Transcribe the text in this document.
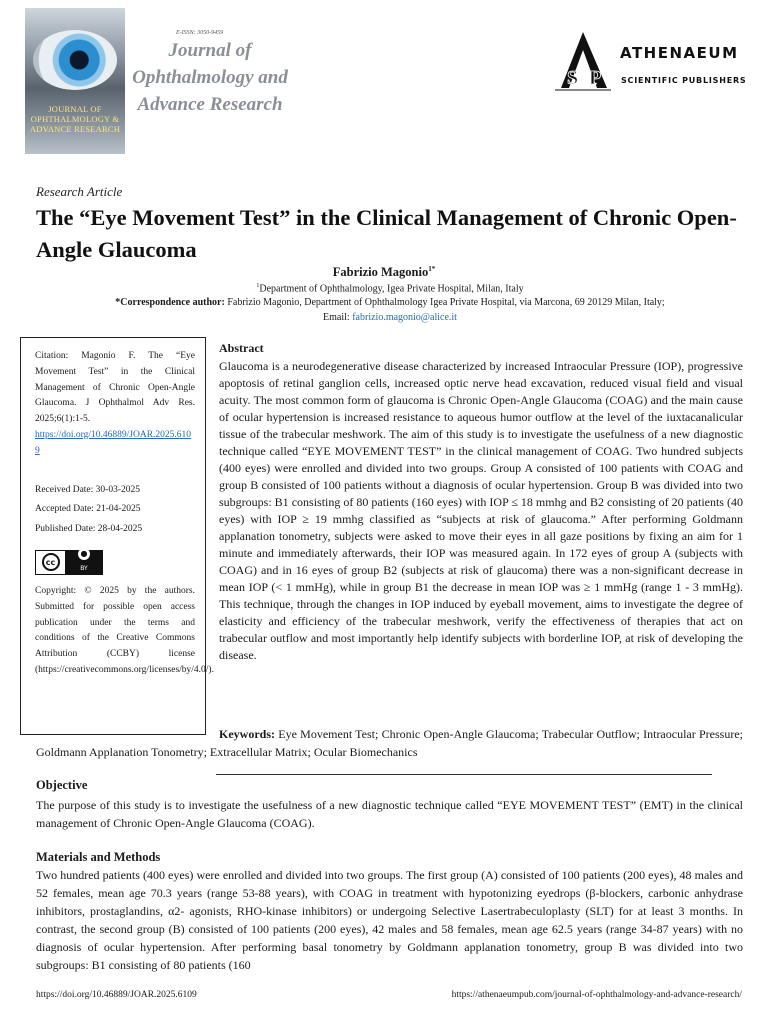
JOURNAL OF OPHTHALMOLOGY & ADVANCE RESEARCH
E-ISSN: 3050-9459
Journal of Ophthalmology and Advance Research
S P
ATHENAEUM
SCIENTIFIC PUBLISHERS
Research Article
The “Eye Movement Test” in the Clinical Management of Chronic Open-Angle Glaucoma
Fabrizio Magonio$^{1*}$
$^1$Department of Ophthalmology, Igea Private Hospital, Milan, Italy
*Correspondence author: Fabrizio Magonio, Department of Ophthalmology Igea Private Hospital, via Marcona, 69 20129 Milan, Italy;
Email: fabrizio.magonio@alice.it
Citation: Magonio F. The “Eye Movement Test” in the Clinical Management of Chronic Open-Angle Glaucoma. J Ophthalmol Adv Res. 2025;6(1):1-5.
https://doi.org/10.46889/JOAR.2025.6109
Received Date: 30-03-2025
Accepted Date: 21-04-2025
Published Date: 28-04-2025
cc
●
BY
Copyright: © 2025 by the authors. Submitted for possible open access publication under the terms and conditions of the Creative Commons Attribution (CCBY) license (https://creativecommons.org/licenses/by/4.0/).
Abstract
Glaucoma is a neurodegenerative disease characterized by increased Intraocular Pressure (IOP), progressive apoptosis of retinal ganglion cells, increased optic nerve head excavation, reduced visual field and visual acuity. The most common form of glaucoma is Chronic Open-Angle Glaucoma (COAG) and the main cause of ocular hypertension is increased resistance to aqueous humor outflow at the level of the iuxtacanalicular tissue of the trabecular meshwork. The aim of this study is to investigate the usefulness of a new diagnostic technique called “EYE MOVEMENT TEST” in the clinical management of COAG. Two hundred subjects (400 eyes) were enrolled and divided into two groups. Group A consisted of 100 patients with COAG and group B consisted of 100 patients without a diagnosis of ocular hypertension. Group B was divided into two subgroups: B1 consisting of 80 patients (160 eyes) with IOP ≤ 18 mmhg and B2 consisting of 20 patients (40 eyes) with IOP ≥ 19 mmhg classified as “subjects at risk of glaucoma.” After performing Goldmann applanation tonometry, subjects were asked to move their eyes in all gaze positions by fixing an aim for 1 minute and immediately afterwards, their IOP was measured again. In 172 eyes of group A (subjects with COAG) and in 16 eyes of group B2 (subjects at risk of glaucoma) there was a non-significant decrease in mean IOP (< 1 mmHg), while in group B1 the decrease in mean IOP was ≥ 1 mmHg (range 1 - 3 mmHg). This technique, through the changes in IOP induced by eyeball movement, aims to investigate the degree of elasticity and efficiency of the trabecular meshwork, verify the effectiveness of therapies that act on trabecular outflow and most importantly help identify subjects with borderline IOP, at risk of developing the disease.
Keywords: Eye Movement Test; Chronic Open-Angle Glaucoma; Trabecular Outflow; Intraocular Pressure; Goldmann Applanation Tonometry; Extracellular Matrix; Ocular Biomechanics
Objective
The purpose of this study is to investigate the usefulness of a new diagnostic technique called “EYE MOVEMENT TEST” (EMT) in the clinical management of Chronic Open-Angle Glaucoma (COAG).
Materials and Methods
Two hundred patients (400 eyes) were enrolled and divided into two groups. The first group (A) consisted of 100 patients (200 eyes), 48 males and 52 females, mean age 70.3 years (range 53-88 years), with COAG in treatment with hypotonizing eyedrops (β-blockers, carbonic anhydrase inhibitors, prostaglandins, α2- agonists, RHO-kinase inhibitors) or undergoing Selective Lasertrabeculoplasty (SLT) for at least 3 months. In contrast, the second group (B) consisted of 100 patients (200 eyes), 42 males and 58 females, mean age 62.5 years (range 34-87 years) with no diagnosis of ocular hypertension. After performing basal tonometry by Goldmann applanation tonometry, group B was divided into two subgroups: B1 consisting of 80 patients (160
https://doi.org/10.46889/JOAR.2025.6109	https://athenaeumpub.com/journal-of-ophthalmology-and-advance-research/
